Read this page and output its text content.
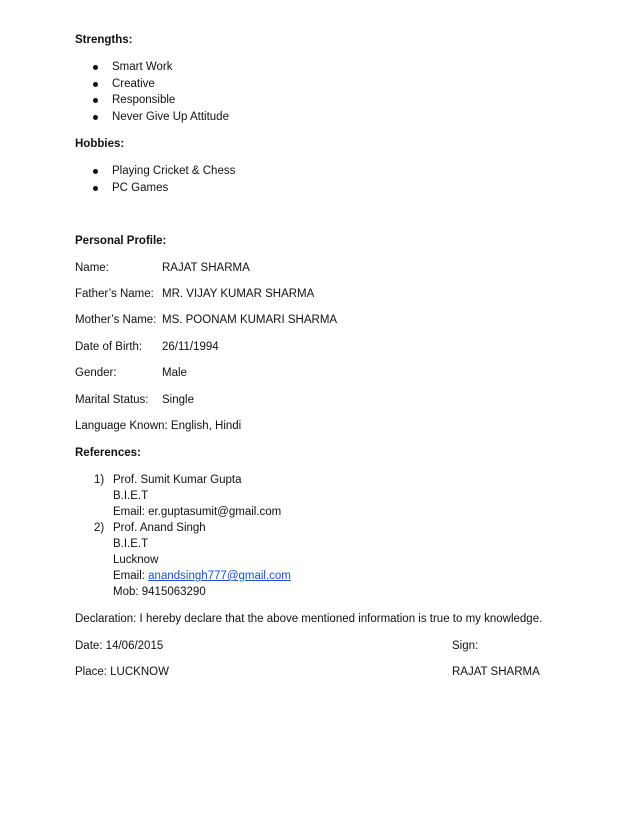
Strengths:
Smart Work
Creative
Responsible
Never Give Up Attitude
Hobbies:
Playing Cricket & Chess
PC Games
Personal Profile:
Name:	RAJAT SHARMA
Father’s Name: MR. VIJAY KUMAR SHARMA
Mother’s Name: MS. POONAM KUMARI SHARMA
Date of Birth: 26/11/1994
Gender:	Male
Marital Status: Single
Language Known: English, Hindi
References:
1) Prof. Sumit Kumar Gupta
B.I.E.T
Email: er.guptasumit@gmail.com
2) Prof. Anand Singh
B.I.E.T
Lucknow
Email: anandsingh777@gmail.com
Mob: 9415063290
Declaration: I hereby declare that the above mentioned information is true to my knowledge.
Date: 14/06/2015	Sign:
Place: LUCKNOW	RAJAT SHARMA
